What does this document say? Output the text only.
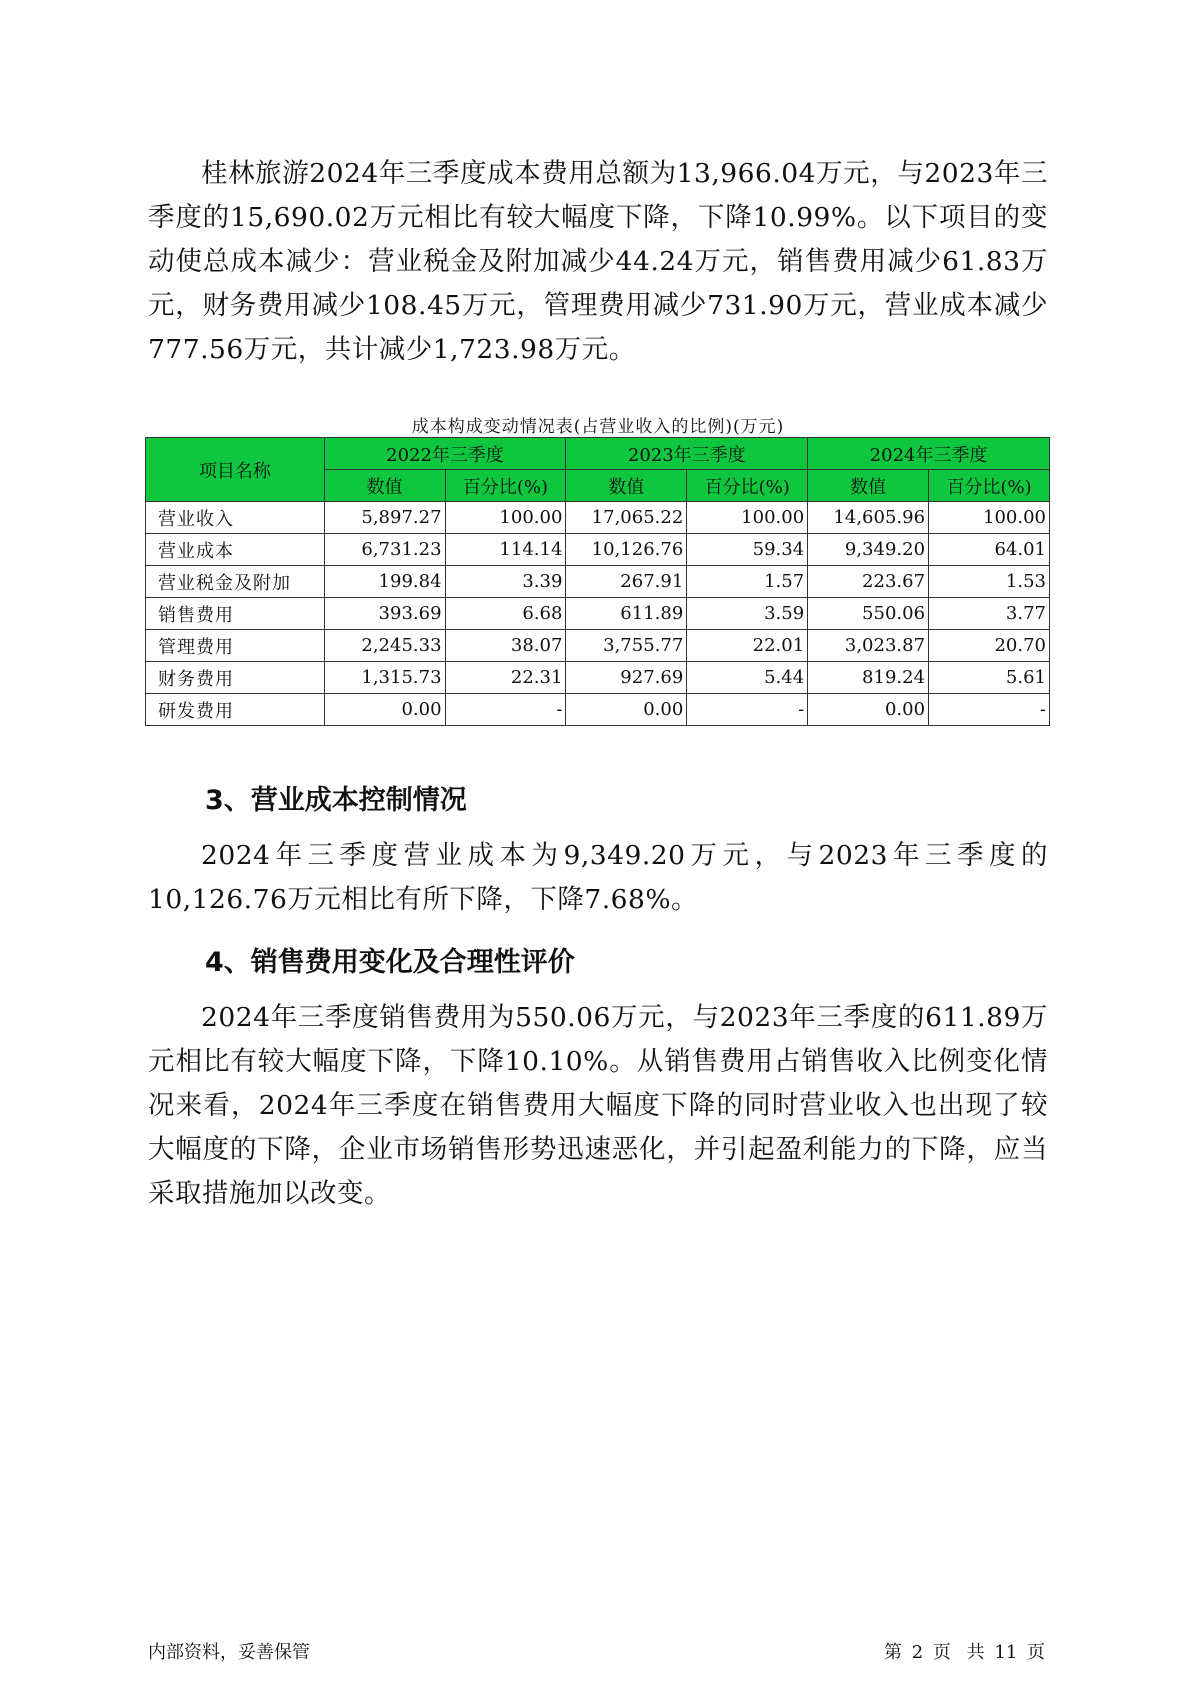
桂林旅游2024年三季度成本费用总额为13,966.04万元，与2023年三季度的15,690.02万元相比有较大幅度下降，下降10.99%。以下项目的变动使总成本减少：营业税金及附加减少44.24万元，销售费用减少61.83万元，财务费用减少108.45万元，管理费用减少731.90万元，营业成本减少777.56万元，共计减少1,723.98万元。

成本构成变动情况表(占营业收入的比例)(万元)
项目名称	2022年三季度		2023年三季度		2024年三季度	
	数值	百分比(%)	数值	百分比(%)	数值	百分比(%)
营业收入	5,897.27	100.00	17,065.22	100.00	14,605.96	100.00
营业成本	6,731.23	114.14	10,126.76	59.34	9,349.20	64.01
营业税金及附加	199.84	3.39	267.91	1.57	223.67	1.53
销售费用	393.69	6.68	611.89	3.59	550.06	3.77
管理费用	2,245.33	38.07	3,755.77	22.01	3,023.87	20.70
财务费用	1,315.73	22.31	927.69	5.44	819.24	5.61
研发费用	0.00	-	0.00	-	0.00	-
3、营业成本控制情况

2024年三季度营业成本为9,349.20万元，与2023年三季度的10,126.76万元相比有所下降，下降7.68%。

4、销售费用变化及合理性评价

2024年三季度销售费用为550.06万元，与2023年三季度的611.89万元相比有较大幅度下降，下降10.10%。从销售费用占销售收入比例变化情况来看，2024年三季度在销售费用大幅度下降的同时营业收入也出现了较大幅度的下降，企业市场销售形势迅速恶化，并引起盈利能力的下降，应当采取措施加以改变。

内部资料，妥善保管	第 2 页 共 11 页
